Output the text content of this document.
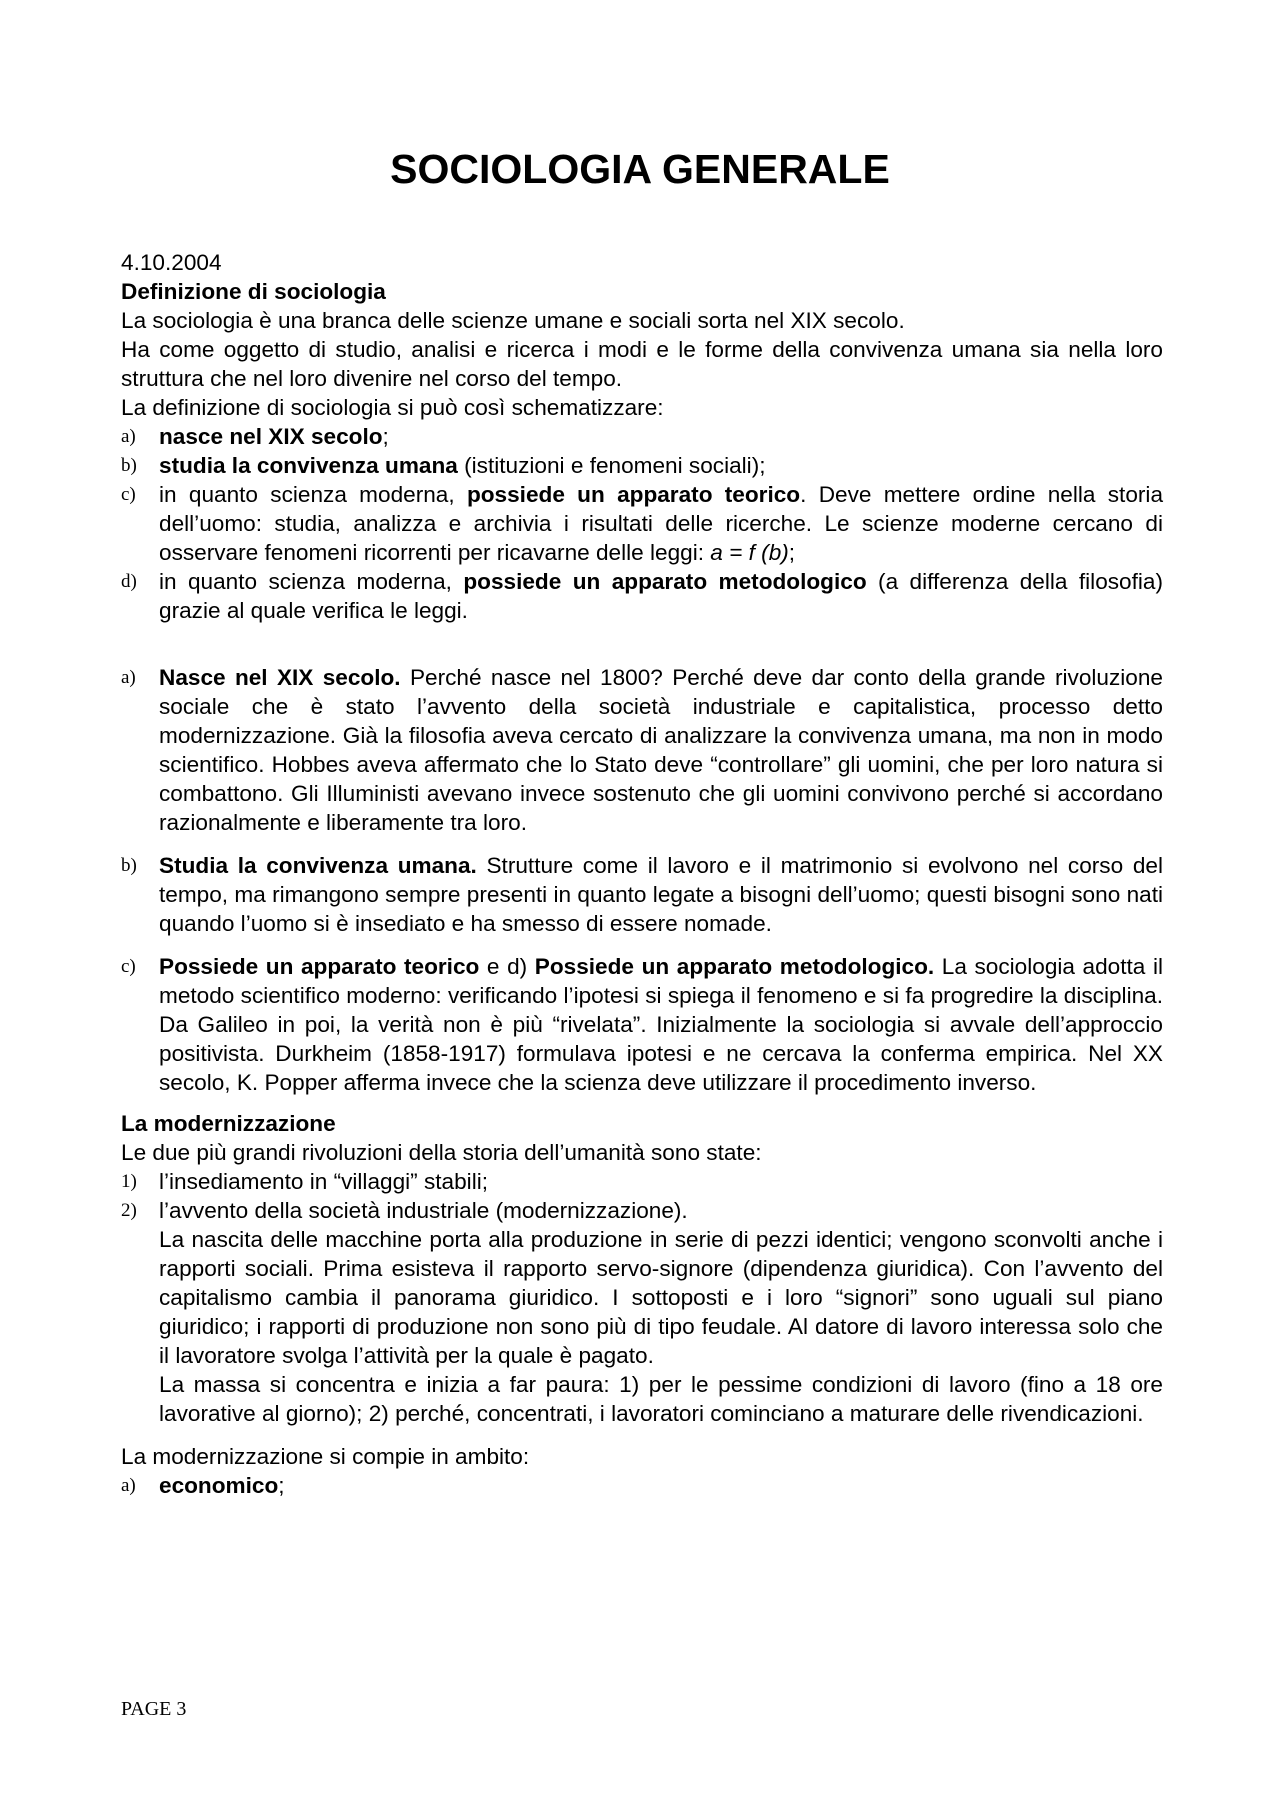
SOCIOLOGIA GENERALE
4.10.2004
Definizione di sociologia
La sociologia è una branca delle scienze umane e sociali sorta nel XIX secolo.
Ha come oggetto di studio, analisi e ricerca i modi e le forme della convivenza umana sia nella loro struttura che nel loro divenire nel corso del tempo.
La definizione di sociologia si può così schematizzare:
a) nasce nel XIX secolo;
b) studia la convivenza umana (istituzioni e fenomeni sociali);
c) in quanto scienza moderna, possiede un apparato teorico. Deve mettere ordine nella storia dell’uomo: studia, analizza e archivia i risultati delle ricerche. Le scienze moderne cercano di osservare fenomeni ricorrenti per ricavarne delle leggi: a = f (b);
d) in quanto scienza moderna, possiede un apparato metodologico (a differenza della filosofia) grazie al quale verifica le leggi.
a) Nasce nel XIX secolo. Perché nasce nel 1800? Perché deve dar conto della grande rivoluzione sociale che è stato l’avvento della società industriale e capitalistica, processo detto modernizzazione. Già la filosofia aveva cercato di analizzare la convivenza umana, ma non in modo scientifico. Hobbes aveva affermato che lo Stato deve “controllare” gli uomini, che per loro natura si combattono. Gli Illuministi avevano invece sostenuto che gli uomini convivono perché si accordano razionalmente e liberamente tra loro.
b) Studia la convivenza umana. Strutture come il lavoro e il matrimonio si evolvono nel corso del tempo, ma rimangono sempre presenti in quanto legate a bisogni dell’uomo; questi bisogni sono nati quando l’uomo si è insediato e ha smesso di essere nomade.
c) Possiede un apparato teorico e d) Possiede un apparato metodologico. La sociologia adotta il metodo scientifico moderno: verificando l’ipotesi si spiega il fenomeno e si fa progredire la disciplina. Da Galileo in poi, la verità non è più “rivelata”. Inizialmente la sociologia si avvale dell’approccio positivista. Durkheim (1858-1917) formulava ipotesi e ne cercava la conferma empirica. Nel XX secolo, K. Popper afferma invece che la scienza deve utilizzare il procedimento inverso.
La modernizzazione
Le due più grandi rivoluzioni della storia dell’umanità sono state:
1) l’insediamento in “villaggi” stabili;
2) l’avvento della società industriale (modernizzazione).
La nascita delle macchine porta alla produzione in serie di pezzi identici; vengono sconvolti anche i rapporti sociali. Prima esisteva il rapporto servo-signore (dipendenza giuridica). Con l’avvento del capitalismo cambia il panorama giuridico. I sottoposti e i loro “signori” sono uguali sul piano giuridico; i rapporti di produzione non sono più di tipo feudale. Al datore di lavoro interessa solo che il lavoratore svolga l’attività per la quale è pagato.
La massa si concentra e inizia a far paura: 1) per le pessime condizioni di lavoro (fino a 18 ore lavorative al giorno); 2) perché, concentrati, i lavoratori cominciano a maturare delle rivendicazioni.
La modernizzazione si compie in ambito:
a) economico;
PAGE 3
